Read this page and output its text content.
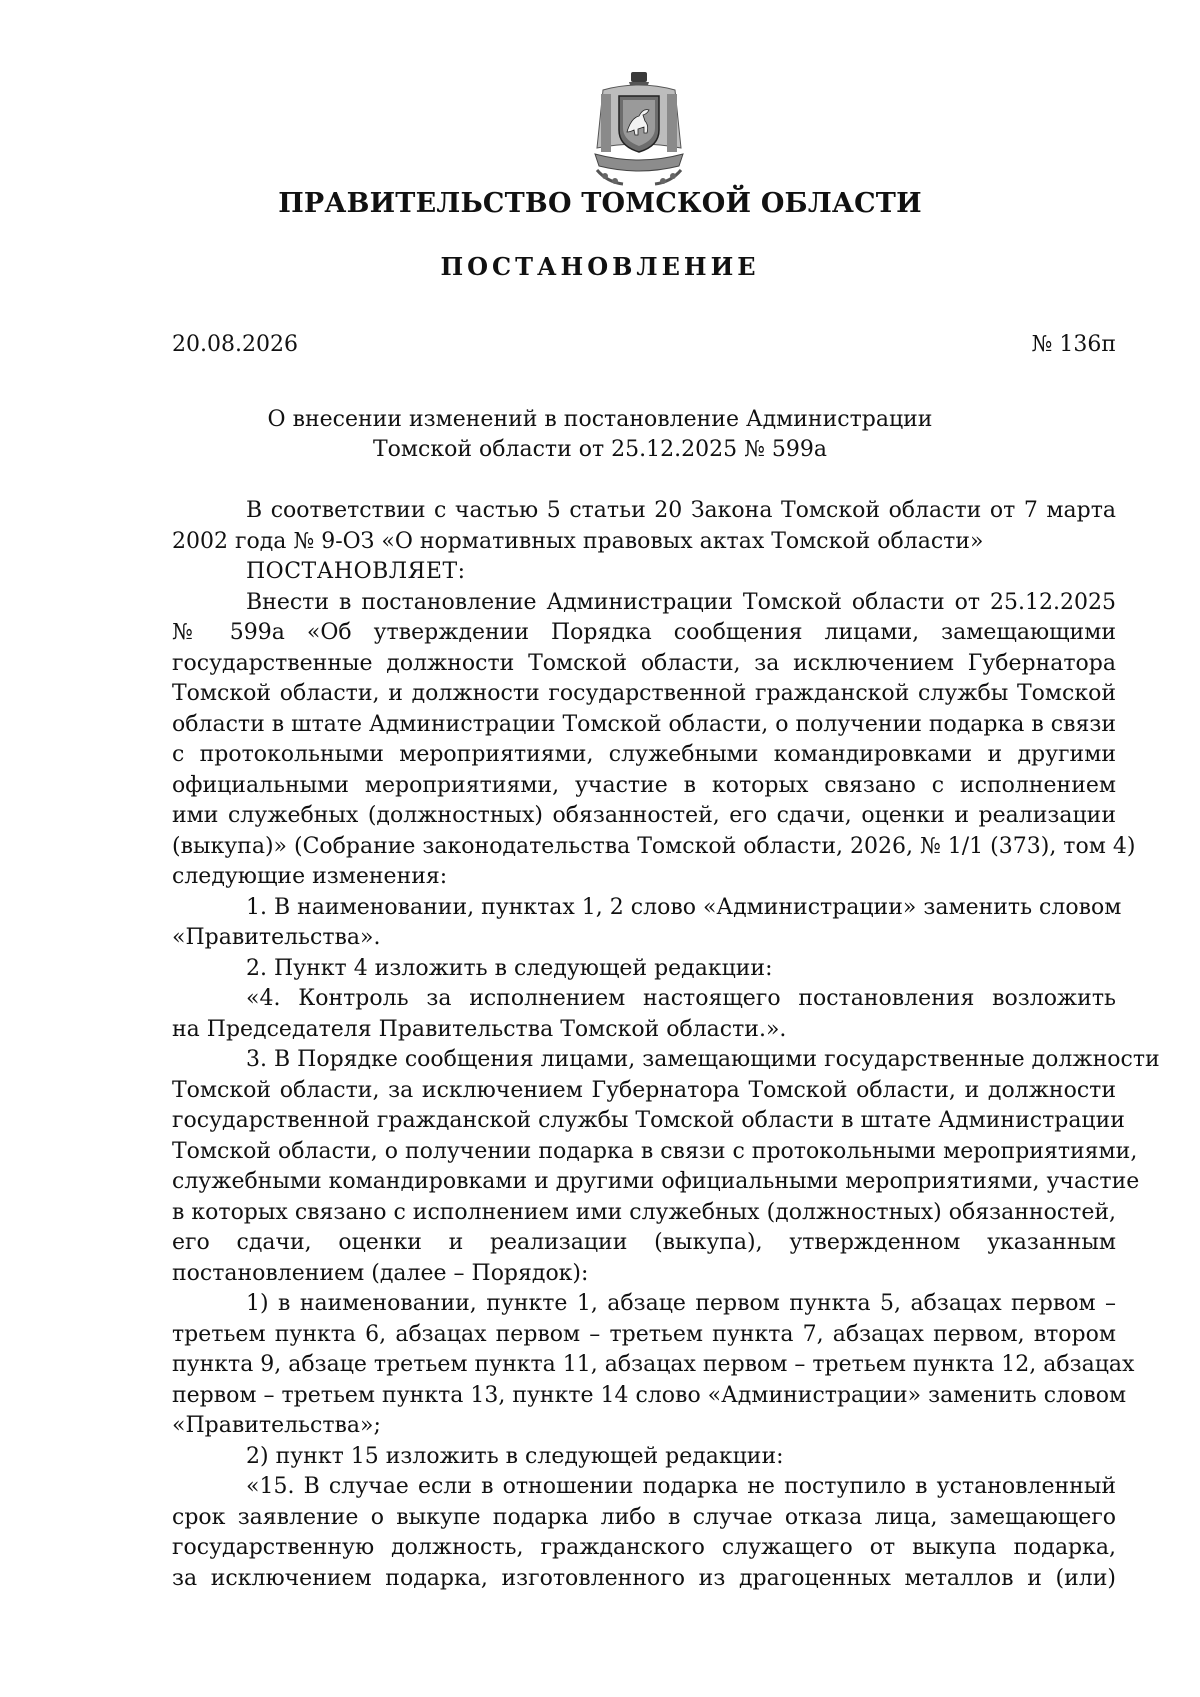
ПРАВИТЕЛЬСТВО ТОМСКОЙ ОБЛАСТИ
ПОСТАНОВЛЕНИЕ
20.08.2026	№ 136п
О внесении изменений в постановление Администрации
Томской области от 25.12.2025 № 599а
В соответствии с частью 5 статьи 20 Закона Томской области от 7 марта
2002 года № 9-ОЗ «О нормативных правовых актах Томской области»
ПОСТАНОВЛЯЕТ:
Внести в постановление Администрации Томской области от 25.12.2025
№ 599а «Об утверждении Порядка сообщения лицами, замещающими
государственные должности Томской области, за исключением Губернатора
Томской области, и должности государственной гражданской службы Томской
области в штате Администрации Томской области, о получении подарка в связи
с протокольными мероприятиями, служебными командировками и другими
официальными мероприятиями, участие в которых связано с исполнением
ими служебных (должностных) обязанностей, его сдачи, оценки и реализации
(выкупа)» (Собрание законодательства Томской области, 2026, № 1/1 (373), том 4)
следующие изменения:
1. В наименовании, пунктах 1, 2 слово «Администрации» заменить словом
«Правительства».
2. Пункт 4 изложить в следующей редакции:
«4. Контроль за исполнением настоящего постановления возложить
на Председателя Правительства Томской области.».
3. В Порядке сообщения лицами, замещающими государственные должности
Томской области, за исключением Губернатора Томской области, и должности
государственной гражданской службы Томской области в штате Администрации
Томской области, о получении подарка в связи с протокольными мероприятиями,
служебными командировками и другими официальными мероприятиями, участие
в которых связано с исполнением ими служебных (должностных) обязанностей,
его сдачи, оценки и реализации (выкупа), утвержденном указанным
постановлением (далее – Порядок):
1) в наименовании, пункте 1, абзаце первом пункта 5, абзацах первом –
третьем пункта 6, абзацах первом – третьем пункта 7, абзацах первом, втором
пункта 9, абзаце третьем пункта 11, абзацах первом – третьем пункта 12, абзацах
первом – третьем пункта 13, пункте 14 слово «Администрации» заменить словом
«Правительства»;
2) пункт 15 изложить в следующей редакции:
«15. В случае если в отношении подарка не поступило в установленный
срок заявление о выкупе подарка либо в случае отказа лица, замещающего
государственную должность, гражданского служащего от выкупа подарка,
за исключением подарка, изготовленного из драгоценных металлов и (или)
